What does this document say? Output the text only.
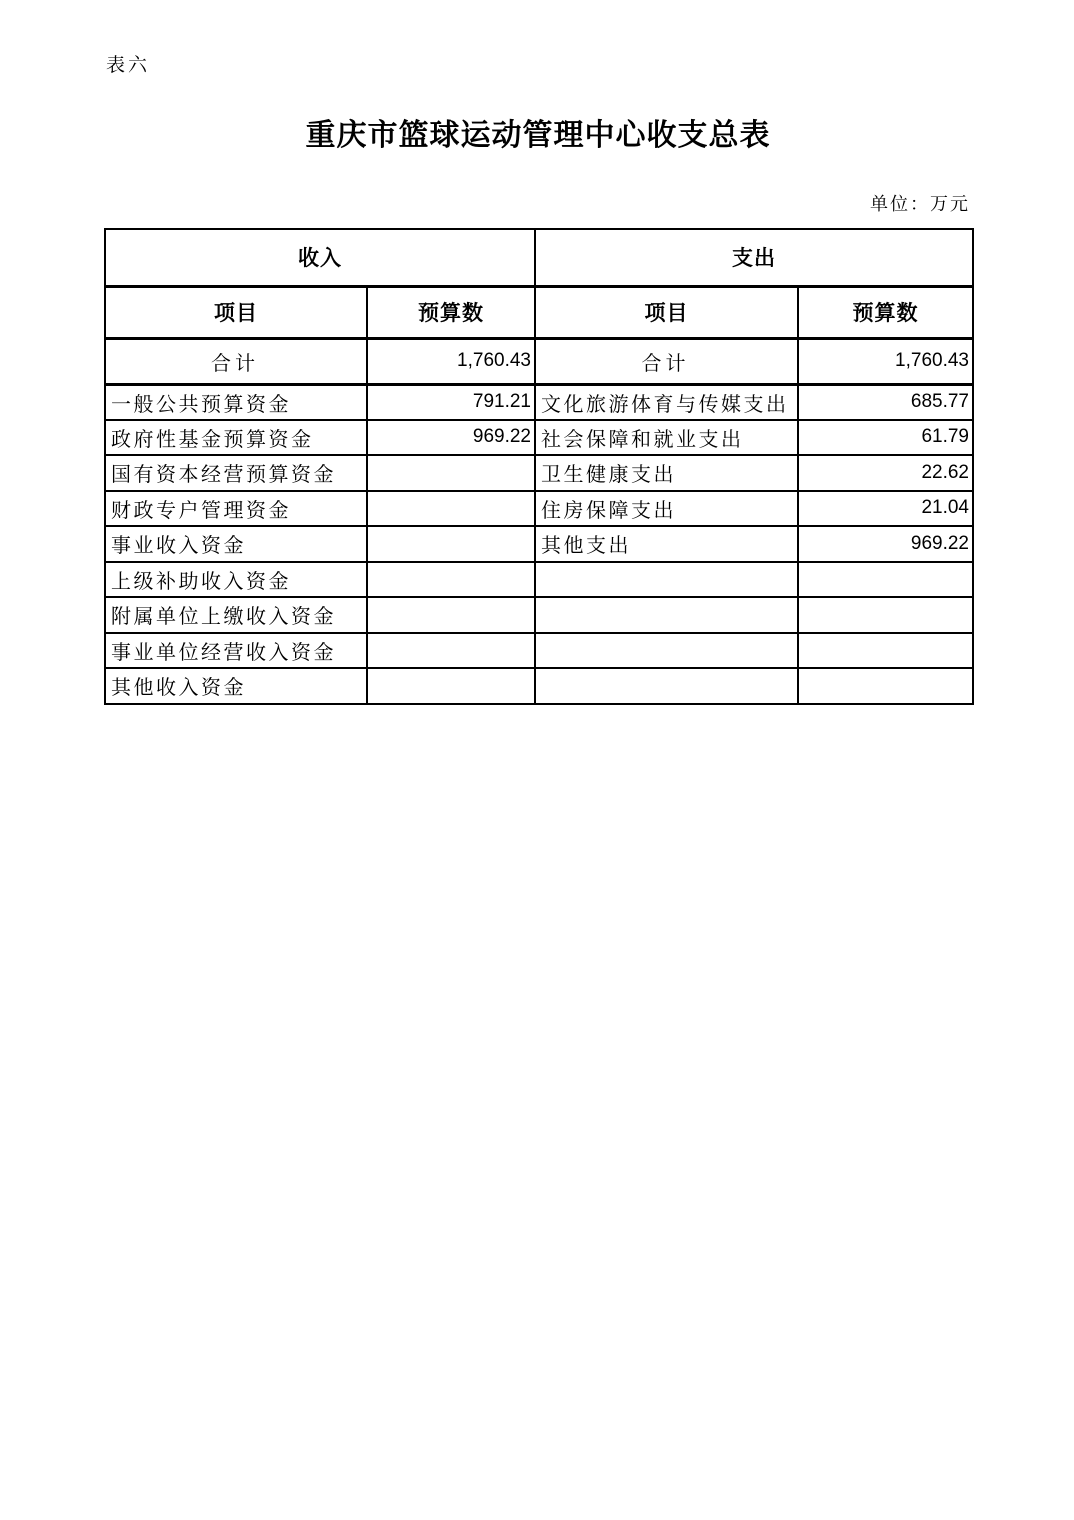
表六
重庆市篮球运动管理中心收支总表
单位：万元
收入		支出	
项目	预算数	项目	预算数
合计	1,760.43	合计	1,760.43
一般公共预算资金	791.21	文化旅游体育与传媒支出	685.77
政府性基金预算资金	969.22	社会保障和就业支出	61.79
国有资本经营预算资金		卫生健康支出	22.62
财政专户管理资金		住房保障支出	21.04
事业收入资金		其他支出	969.22
上级补助收入资金			
附属单位上缴收入资金			
事业单位经营收入资金			
其他收入资金			
